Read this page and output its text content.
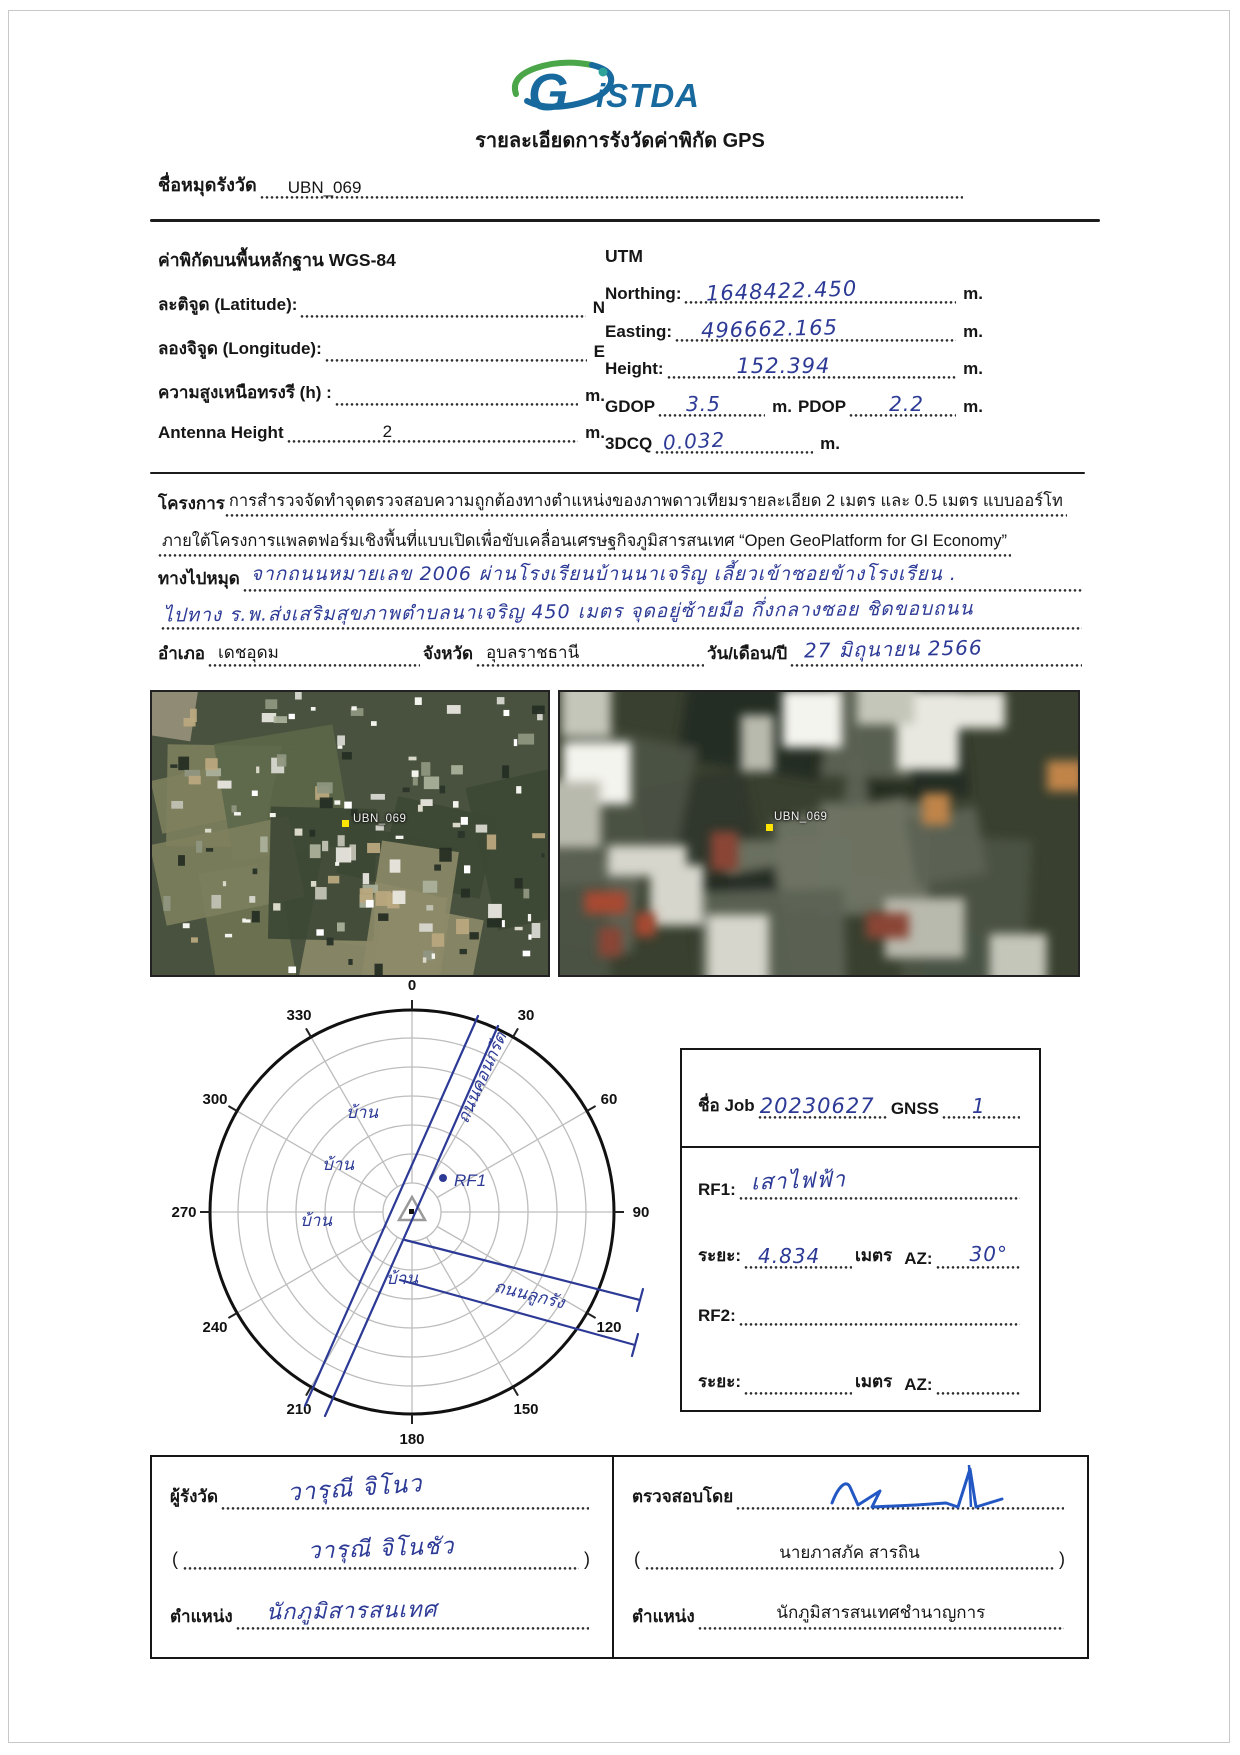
G iSTDA
รายละเอียดการรังวัดค่าพิกัด GPS
ชื่อหมุดรังวัด UBN_069
ค่าพิกัดบนพื้นหลักฐาน WGS-84
ละติจูด (Latitude):	N
ลองจิจูด (Longitude):	E
ความสูงเหนือทรงรี (h) :	m.
Antenna Height	2	m.
UTM
Northing: 1648422.450	m.
Easting: 496662.165	m.
Height:	152.394	m.
GDOP 3.5	m. PDOP 2.2 m.
3DCQ 0.032	m.
โครงการ การสำรวจจัดทำจุดตรวจสอบความถูกต้องทางตำแหน่งของภาพดาวเทียมรายละเอียด 2 เมตร และ 0.5 เมตร แบบออร์โท
ภายใต้โครงการแพลตฟอร์มเชิงพื้นที่แบบเปิดเพื่อขับเคลื่อนเศรษฐกิจภูมิสารสนเทศ “Open GeoPlatform for GI Economy”
ทางไปหมุด จากถนนหมายเลข 2006 ผ่านโรงเรียนบ้านนาเจริญ เลี้ยวเข้าซอยข้างโรงเรียน .
ไปทาง ร.พ.ส่งเสริมสุขภาพตำบลนาเจริญ 450 เมตร จุดอยู่ซ้ายมือ กึ่งกลางซอย ชิดขอบถนน
อำเภอ เดชอุดม	จังหวัด อุบลราชธานี	วัน/เดือน/ปี 27 มิถุนายน 2566
UBN_069	UBN_069
0
30
60
90
120
150
180
210
240
270
300
330
RF1
บ้าน
บ้าน
บ้าน
บ้าน
ถนนคอนกรีต
ถนนลูกรัง
ชื่อ Job 20230627 GNSS 1
RF1: เสาไฟฟ้า
ระยะ: 4.834 เมตร AZ: 30°
RF2:
ระยะ:	เมตร AZ:
ผู้รังวัด	วารุณี จิโนว
(	วารุณี จิโนชัว	)
ตำแหน่ง นักภูมิสารสนเทศ
ตรวจสอบโดย
(	นายภาสภัค สารถิน	)
ตำแหน่ง	นักภูมิสารสนเทศชำนาญการ
